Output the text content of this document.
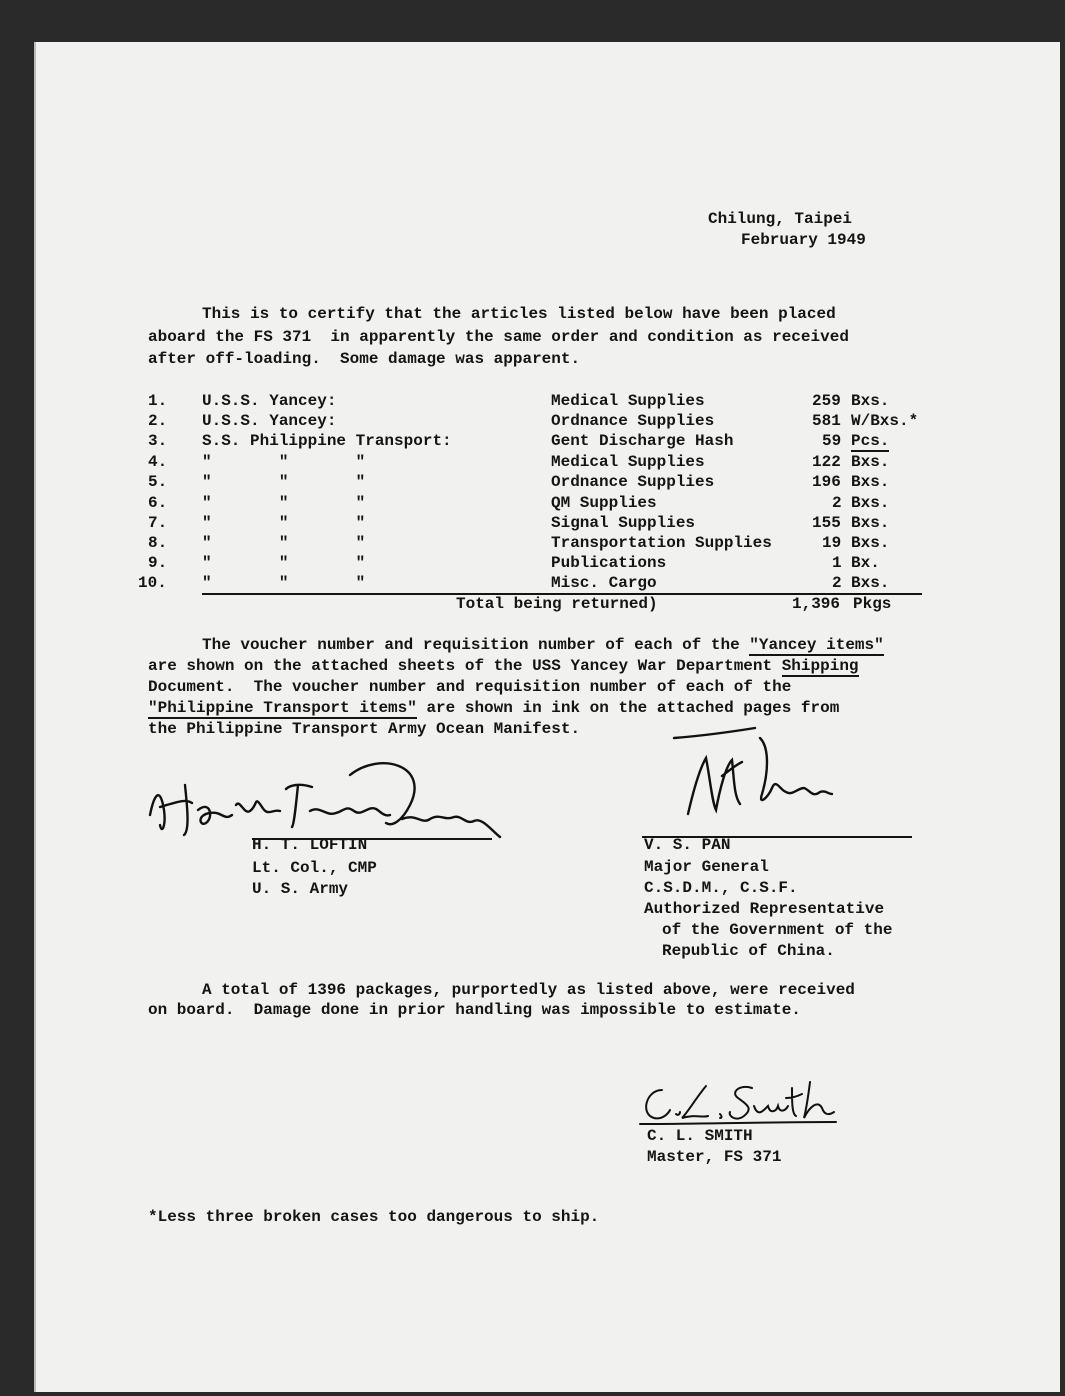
Chilung, Taipei
February 1949
This is to certify that the articles listed below have been placed
aboard the FS 371  in apparently the same order and condition as received
after off-loading.  Some damage was apparent.
1. U.S.S. Yancey:	Medical Supplies	259 Bxs.
2. U.S.S. Yancey:	Ordnance Supplies	581 W/Bxs.*
3. S.S. Philippine Transport:	Gent Discharge Hash	59 Pcs.
4. "       "       "	Medical Supplies	122 Bxs.
5. "       "       "	Ordnance Supplies	196 Bxs.
6. "       "       "	QM Supplies	2 Bxs.
7. "       "       "	Signal Supplies	155 Bxs.
8. "       "       "	Transportation Supplies	19 Bxs.
9. "       "       "	Publications	1 Bx.
10. "       "       "	Misc. Cargo	2 Bxs.
Total being returned)	1,396 Pkgs
The voucher number and requisition number of each of the "Yancey items"
are shown on the attached sheets of the USS Yancey War Department Shipping
Document.  The voucher number and requisition number of each of the
"Philippine Transport items" are shown in ink on the attached pages from
the Philippine Transport Army Ocean Manifest.
H. T. LOFTIN
Lt. Col., CMP
U. S. Army
V. S. PAN
Major General
C.S.D.M., C.S.F.
Authorized Representative
of the Government of the
Republic of China.
A total of 1396 packages, purportedly as listed above, were received
on board.  Damage done in prior handling was impossible to estimate.
C. L. SMITH
Master, FS 371
*Less three broken cases too dangerous to ship.
